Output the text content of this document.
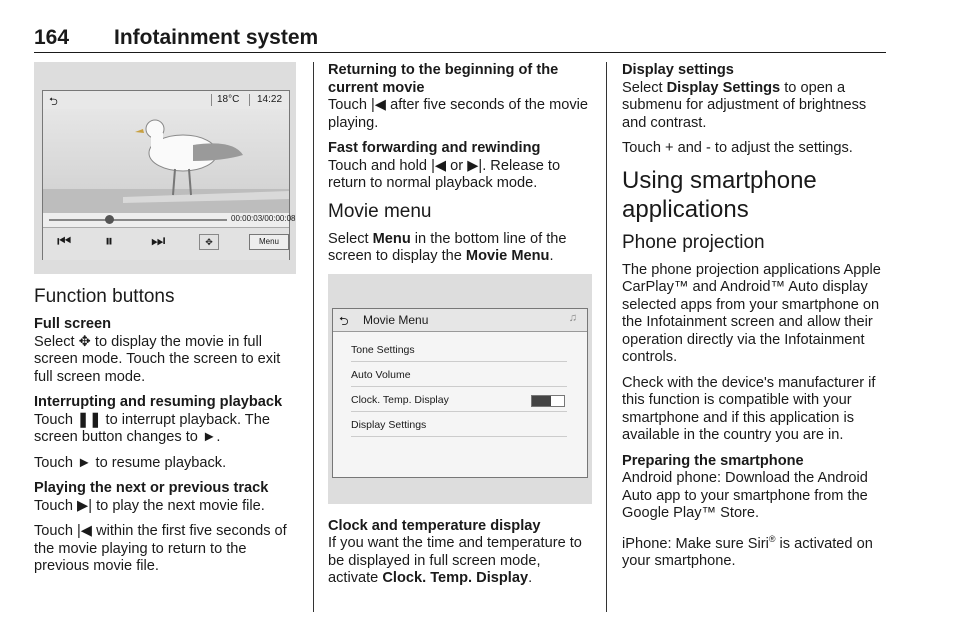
164 Infotainment system
⮌	18°C 14:22
00:00:03/00:00:08
⏮ ⏸ ⏭	✥	Menu
Function buttons
Full screen

Select ✥ to display the movie in full screen mode. Touch the screen to exit full screen mode.

Interrupting and resuming playback

Touch ❚❚ to interrupt playback. The screen button changes to ►.

Touch ► to resume playback.

Playing the next or previous track

Touch ▶| to play the next movie file.

Touch |◀ within the first five seconds of the movie playing to return to the previous movie file.

Returning to the beginning of the current movie

Touch |◀ after five seconds of the movie playing.

Fast forwarding and rewinding

Touch and hold |◀ or ▶|. Release to return to normal playback mode.

Movie menu

Select Menu in the bottom line of the screen to display the Movie Menu.

⮌ Movie Menu	♫
Tone Settings
Auto Volume
Clock. Temp. Display
Display Settings
Clock and temperature display

If you want the time and temperature to be displayed in full screen mode, activate Clock. Temp. Display.

Display settings

Select Display Settings to open a submenu for adjustment of brightness and contrast.

Touch + and - to adjust the settings.

Using smartphone applications
Phone projection

The phone projection applications Apple CarPlay™ and Android™ Auto display selected apps from your smartphone on the Infotainment screen and allow their operation directly via the Infotainment controls.

Check with the device's manufacturer if this function is compatible with your smartphone and if this application is available in the country you are in.

Preparing the smartphone

Android phone: Download the Android Auto app to your smartphone from the Google Play™ Store.

iPhone: Make sure Siri® is activated on your smartphone.
